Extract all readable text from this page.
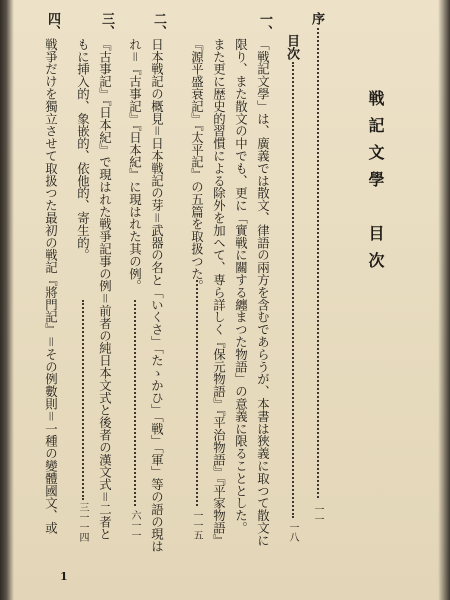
戦記文學　目次
序
一一
目次
一八
一、
「戦記文學」は、廣義では散文、律語の兩方を含むであらうが、本書は狹義に取つて散文に
限り、また散文の中でも、更に「實戦に關する纏まつた物語」の意義に限ることとした。
また更に歴史的習慣による除外を加へて、専ら詳しく『保元物語』『平治物語』『平家物語』
『源平盛衰記』『太平記』の五篇を取扱つた。
一一五
二、
日本戦記の概見＝日本戦記の芽＝武器の名と「いくさ」「たゝかひ」「戦」「軍」等の語の現は
れ＝『古事記』『日本紀』に現はれた其の例。
六一一
三、
『古事記』『日本紀』で現はれた戦爭記事の例＝前者の純日本文式と後者の漢文式＝二者と
もに挿入的、象嵌的、依他的、寄生的。
三一一四
四、
戦爭だけを獨立させて取扱つた最初の戦記『將門記』＝その例數則＝一種の變體國文、或
1
